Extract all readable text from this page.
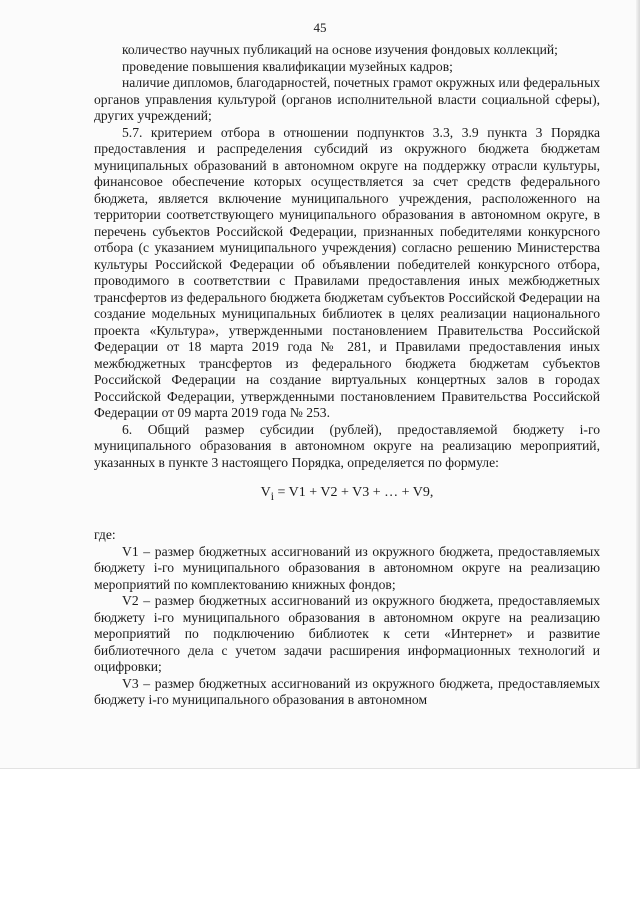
45

количество научных публикаций на основе изучения фондовых коллекций;

проведение повышения квалификации музейных кадров;

наличие дипломов, благодарностей, почетных грамот окружных или федеральных органов управления культурой (органов исполнительной власти социальной сферы), других учреждений;

5.7. критерием отбора в отношении подпунктов 3.3, 3.9 пункта 3 Порядка предоставления и распределения субсидий из окружного бюджета бюджетам муниципальных образований в автономном округе на поддержку отрасли культуры, финансовое обеспечение которых осуществляется за счет средств федерального бюджета, является включение муниципального учреждения, расположенного на территории соответствующего муниципального образования в автономном округе, в перечень субъектов Российской Федерации, признанных победителями конкурсного отбора (с указанием муниципального учреждения) согласно решению Министерства культуры Российской Федерации об объявлении победителей конкурсного отбора, проводимого в соответствии с Правилами предоставления иных межбюджетных трансфертов из федерального бюджета бюджетам субъектов Российской Федерации на создание модельных муниципальных библиотек в целях реализации национального проекта «Культура», утвержденными постановлением Правительства Российской Федерации от 18 марта 2019 года № 281, и Правилами предоставления иных межбюджетных трансфертов из федерального бюджета бюджетам субъектов Российской Федерации на создание виртуальных концертных залов в городах Российской Федерации, утвержденными постановлением Правительства Российской Федерации от 09 марта 2019 года № 253.

6. Общий размер субсидии (рублей), предоставляемой бюджету i-го муниципального образования в автономном округе на реализацию мероприятий, указанных в пункте 3 настоящего Порядка, определяется по формуле:

$V_i = V1 + V2 + V3$ + … + V9,

где:

V1 – размер бюджетных ассигнований из окружного бюджета, предоставляемых бюджету i-го муниципального образования в автономном округе на реализацию мероприятий по комплектованию книжных фондов;

V2 – размер бюджетных ассигнований из окружного бюджета, предоставляемых бюджету i-го муниципального образования в автономном округе на реализацию мероприятий по подключению библиотек к сети «Интернет» и развитие библиотечного дела с учетом задачи расширения информационных технологий и оцифровки;

V3 – размер бюджетных ассигнований из окружного бюджета, предоставляемых бюджету i-го муниципального образования в автономном
